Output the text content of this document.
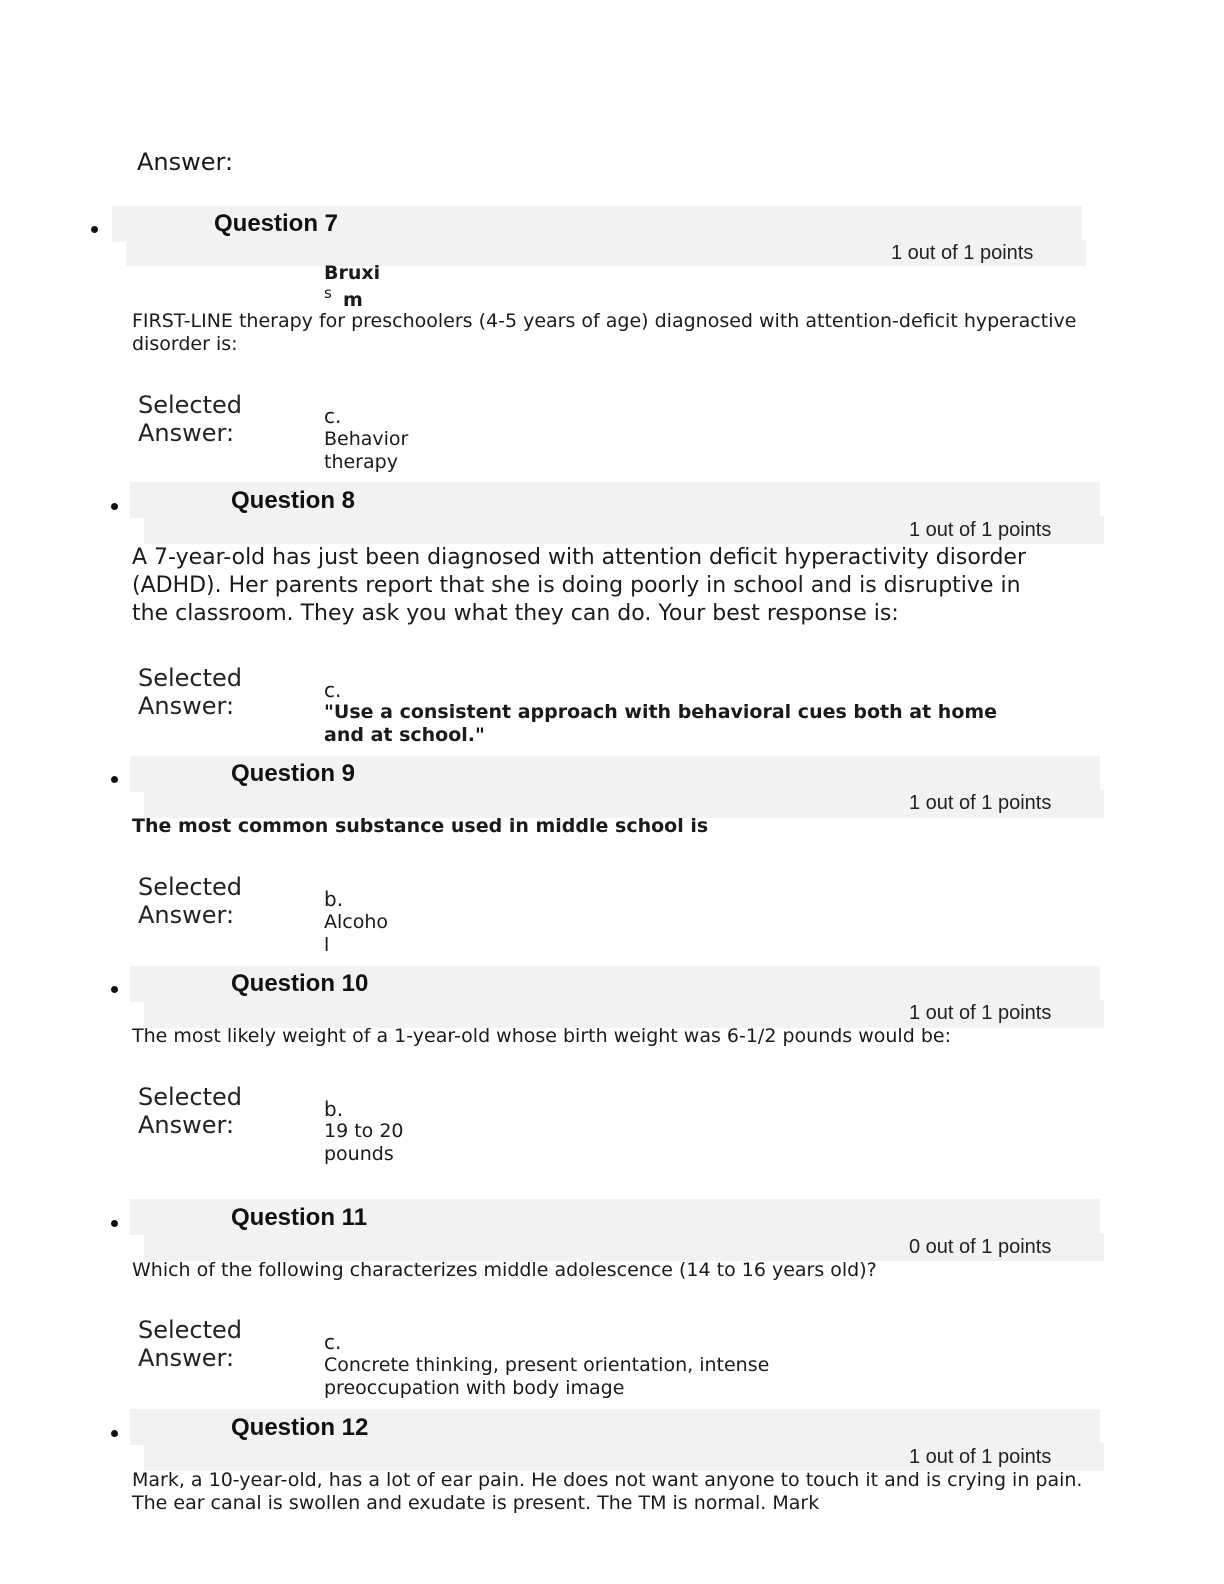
Answer:
Question 7
1 out of 1 points
Bruxi
s m
FIRST-LINE therapy for preschoolers (4-5 years of age) diagnosed with attention-deficit hyperactive disorder is:
Selected Answer:
c.
Behavior therapy
Question 8
1 out of 1 points
A 7-year-old has just been diagnosed with attention deficit hyperactivity disorder (ADHD). Her parents report that she is doing poorly in school and is disruptive in the classroom. They ask you what they can do. Your best response is:
Selected Answer:
c.
"Use a consistent approach with behavioral cues both at home and at school."
Question 9
1 out of 1 points
The most common substance used in middle school is
Selected Answer:
b.
Alcohol
Question 10
1 out of 1 points
The most likely weight of a 1-year-old whose birth weight was 6-1/2 pounds would be:
Selected Answer:
b.
19 to 20 pounds
Question 11
0 out of 1 points
Which of the following characterizes middle adolescence (14 to 16 years old)?
Selected Answer:
c.
Concrete thinking, present orientation, intense preoccupation with body image
Question 12
1 out of 1 points
Mark, a 10-year-old, has a lot of ear pain. He does not want anyone to touch it and is crying in pain. The ear canal is swollen and exudate is present. The TM is normal. Mark
